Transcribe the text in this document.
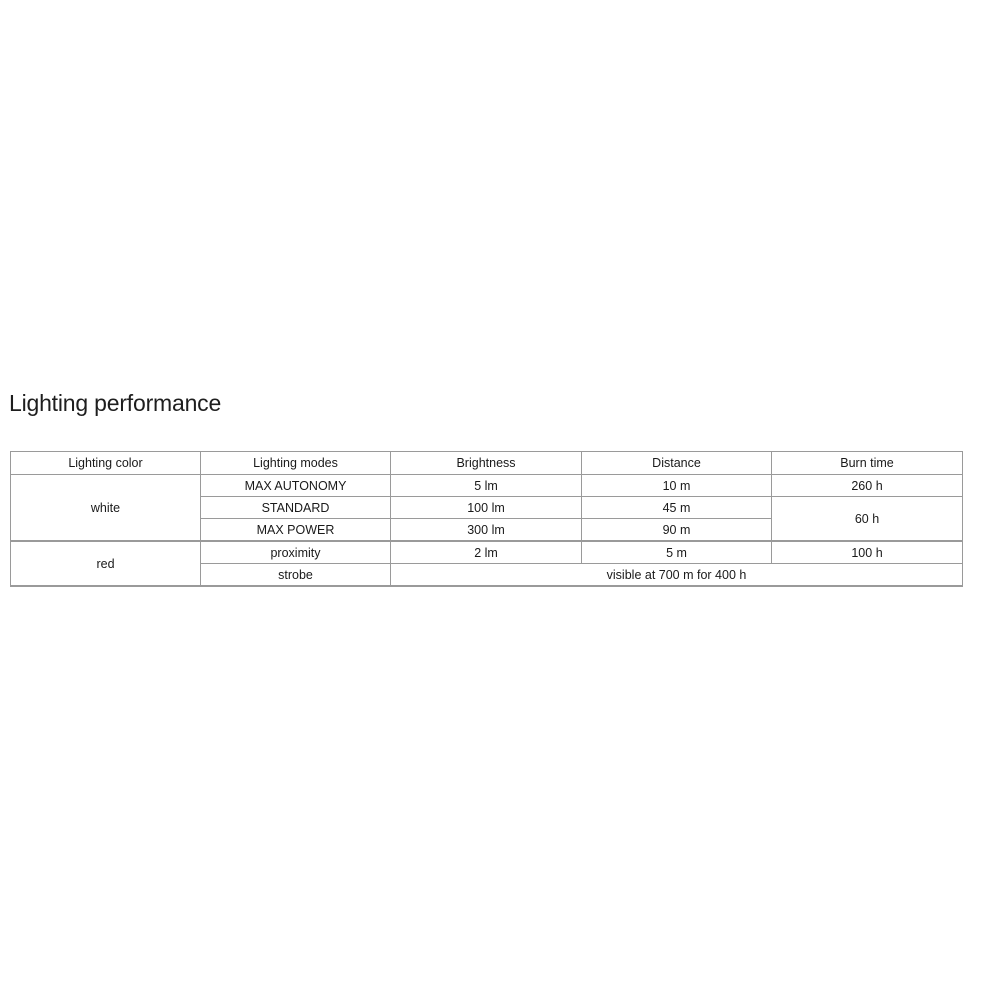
Lighting performance
Lighting color	Lighting modes	Brightness	Distance	Burn time
white	MAX AUTONOMY	5 lm	10 m	260 h
	STANDARD	100 lm	45 m	60 h
	MAX POWER	300 lm	90 m	
red	proximity	2 lm	5 m	100 h
	strobe	visible at 700 m for 400 h		
